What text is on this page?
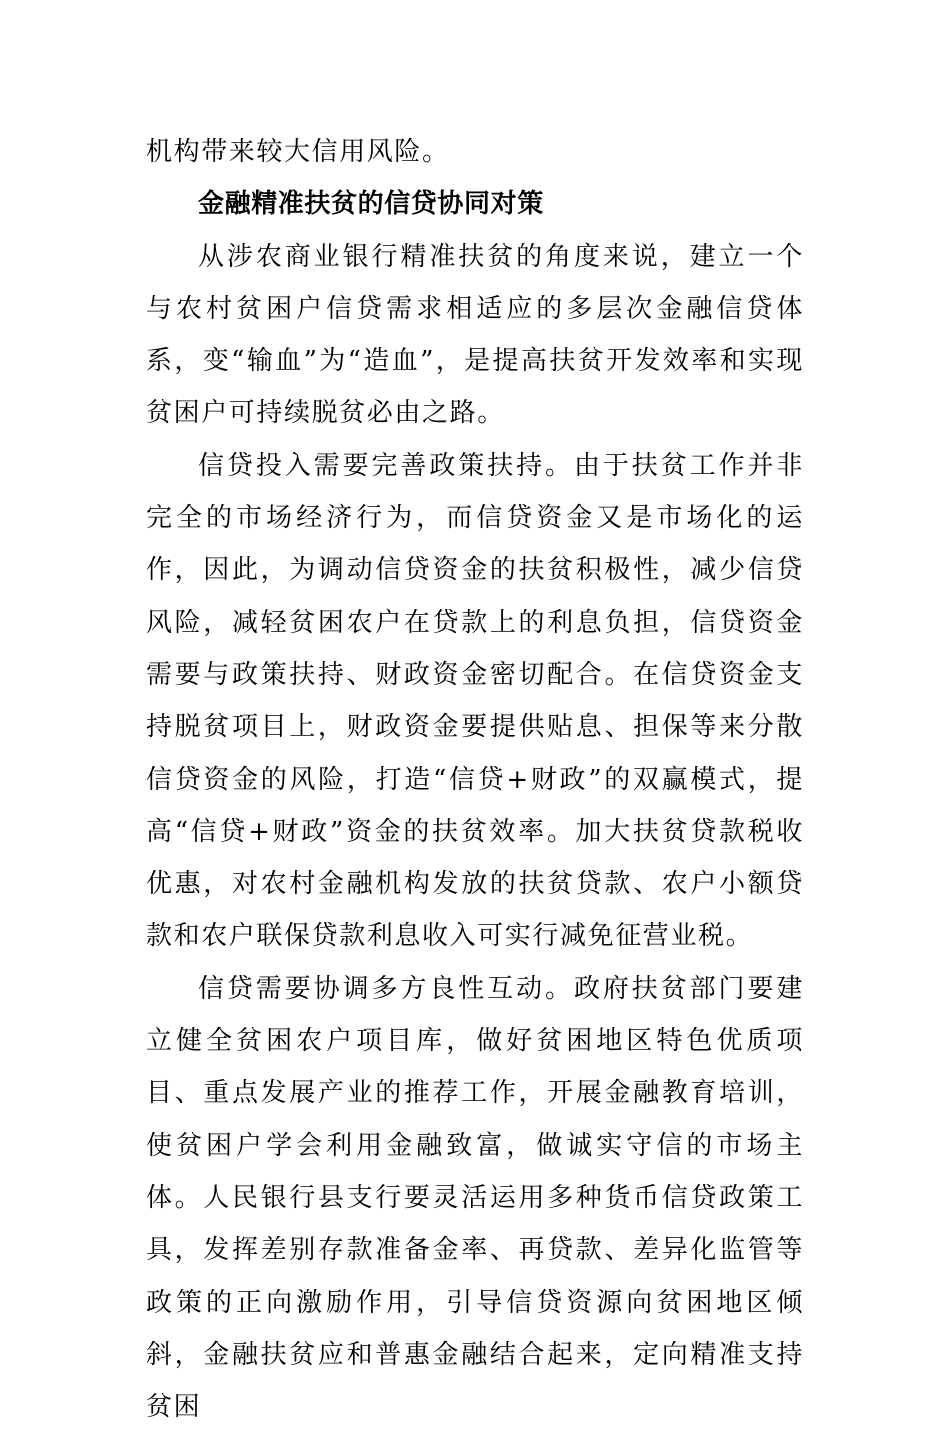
机构带来较大信用风险。

金融精准扶贫的信贷协同对策

从涉农商业银行精准扶贫的角度来说，建立一个与农村贫困户信贷需求相适应的多层次金融信贷体系，变“输血”为“造血”，是提高扶贫开发效率和实现贫困户可持续脱贫必由之路。

信贷投入需要完善政策扶持。由于扶贫工作并非完全的市场经济行为，而信贷资金又是市场化的运作，因此，为调动信贷资金的扶贫积极性，减少信贷风险，减轻贫困农户在贷款上的利息负担，信贷资金需要与政策扶持、财政资金密切配合。在信贷资金支持脱贫项目上，财政资金要提供贴息、担保等来分散信贷资金的风险，打造“信贷+财政”的双赢模式，提高“信贷+财政”资金的扶贫效率。加大扶贫贷款税收优惠，对农村金融机构发放的扶贫贷款、农户小额贷款和农户联保贷款利息收入可实行减免征营业税。

信贷需要协调多方良性互动。政府扶贫部门要建立健全贫困农户项目库，做好贫困地区特色优质项目、重点发展产业的推荐工作，开展金融教育培训，使贫困户学会利用金融致富，做诚实守信的市场主体。人民银行县支行要灵活运用多种货币信贷政策工具，发挥差别存款准备金率、再贷款、差异化监管等政策的正向激励作用，引导信贷资源向贫困地区倾斜，金融扶贫应和普惠金融结合起来，定向精准支持贫困
